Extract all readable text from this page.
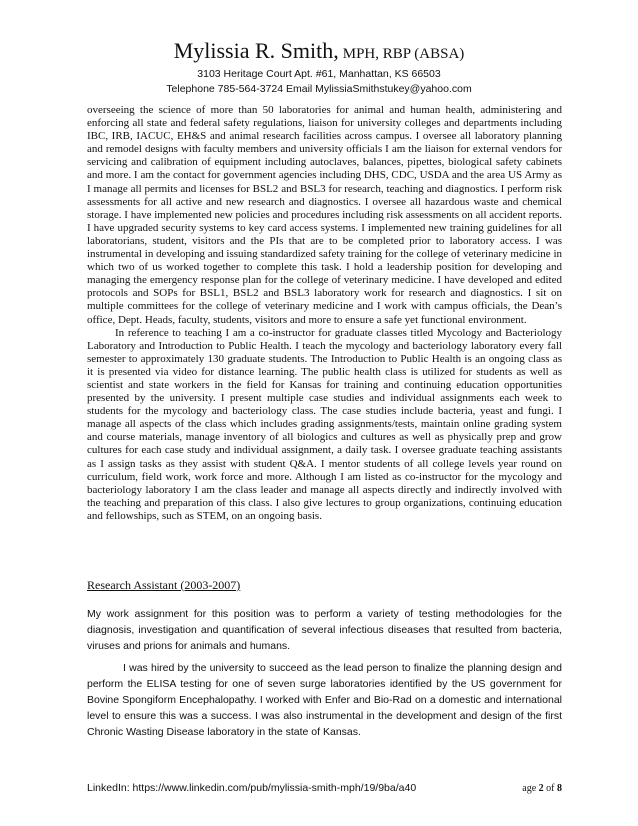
Mylissia R. Smith, MPH, RBP (ABSA)
3103 Heritage Court Apt. #61, Manhattan, KS 66503
Telephone 785-564-3724 Email MylissiaSmithstukey@yahoo.com

overseeing the science of more than 50 laboratories for animal and human health, administering and enforcing all state and federal safety regulations, liaison for university colleges and departments including IBC, IRB, IACUC, EH&S and animal research facilities across campus. I oversee all laboratory planning and remodel designs with faculty members and university officials I am the liaison for external vendors for servicing and calibration of equipment including autoclaves, balances, pipettes, biological safety cabinets and more. I am the contact for government agencies including DHS, CDC, USDA and the area US Army as I manage all permits and licenses for BSL2 and BSL3 for research, teaching and diagnostics. I perform risk assessments for all active and new research and diagnostics. I oversee all hazardous waste and chemical storage. I have implemented new policies and procedures including risk assessments on all accident reports. I have upgraded security systems to key card access systems. I implemented new training guidelines for all laboratorians, student, visitors and the PIs that are to be completed prior to laboratory access. I was instrumental in developing and issuing standardized safety training for the college of veterinary medicine in which two of us worked together to complete this task. I hold a leadership position for developing and managing the emergency response plan for the college of veterinary medicine. I have developed and edited protocols and SOPs for BSL1, BSL2 and BSL3 laboratory work for research and diagnostics. I sit on multiple committees for the college of veterinary medicine and I work with campus officials, the Dean’s office, Dept. Heads, faculty, students, visitors and more to ensure a safe yet functional environment.

In reference to teaching I am a co-instructor for graduate classes titled Mycology and Bacteriology Laboratory and Introduction to Public Health. I teach the mycology and bacteriology laboratory every fall semester to approximately 130 graduate students. The Introduction to Public Health is an ongoing class as it is presented via video for distance learning. The public health class is utilized for students as well as scientist and state workers in the field for Kansas for training and continuing education opportunities presented by the university. I present multiple case studies and individual assignments each week to students for the mycology and bacteriology class. The case studies include bacteria, yeast and fungi. I manage all aspects of the class which includes grading assignments/tests, maintain online grading system and course materials, manage inventory of all biologics and cultures as well as physically prep and grow cultures for each case study and individual assignment, a daily task. I oversee graduate teaching assistants as I assign tasks as they assist with student Q&A. I mentor students of all college levels year round on curriculum, field work, work force and more. Although I am listed as co-instructor for the mycology and bacteriology laboratory I am the class leader and manage all aspects directly and indirectly involved with the teaching and preparation of this class. I also give lectures to group organizations, continuing education and fellowships, such as STEM, on an ongoing basis.

Research Assistant (2003-2007)

My work assignment for this position was to perform a variety of testing methodologies for the diagnosis, investigation and quantification of several infectious diseases that resulted from bacteria, viruses and prions for animals and humans.

I was hired by the university to succeed as the lead person to finalize the planning design and perform the ELISA testing for one of seven surge laboratories identified by the US government for Bovine Spongiform Encephalopathy. I worked with Enfer and Bio-Rad on a domestic and international level to ensure this was a success. I was also instrumental in the development and design of the first Chronic Wasting Disease laboratory in the state of Kansas.

LinkedIn: https://www.linkedin.com/pub/mylissia-smith-mph/19/9ba/a40	age 2 of 8
